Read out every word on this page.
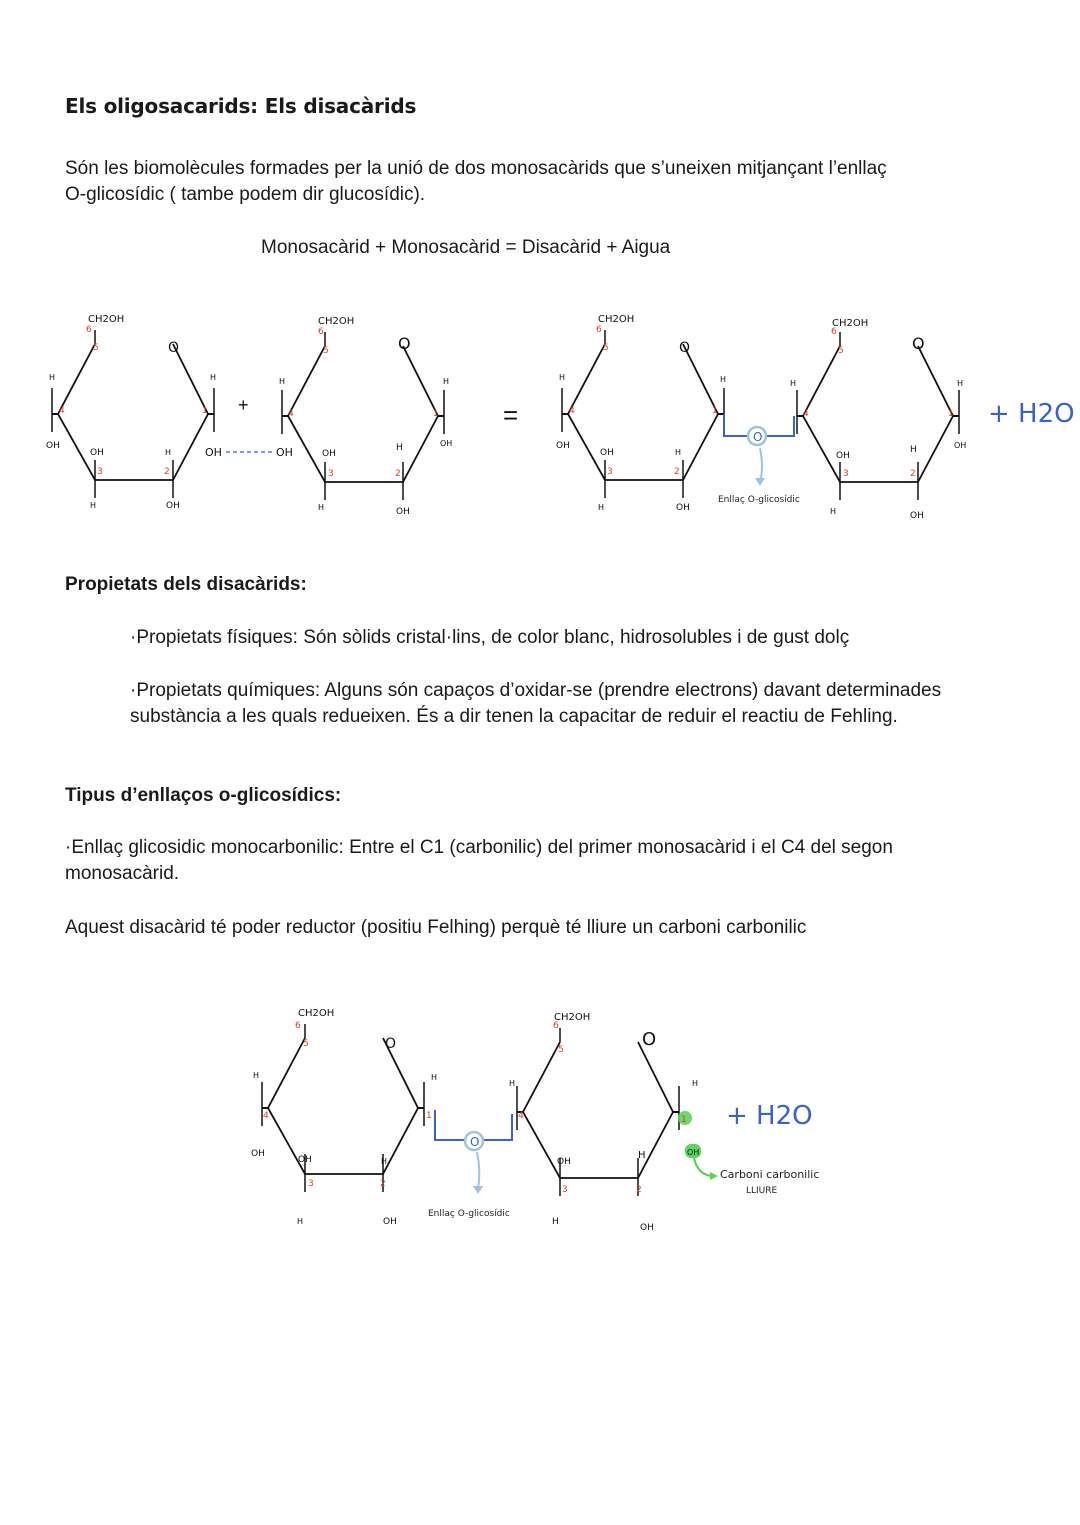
Els oligosacarids: Els disacàrids
Són les biomolècules formades per la unió de dos monosacàrids que s’uneixen mitjançant l’enllaç
O-glicosídic ( tambe podem dir glucosídic).
Monosacàrid + Monosacàrid = Disacàrid + Aigua
CH2OH
O
H	H
OH
OH	H	OH
H	OH
6
5
4
3	2
1 +
CH2OH
O
H	H
OH	OH
H	OH
H	OH
6
5
4
3	2
1 =
CH2OH
O
H	H
OH
OH	H
H	OH
6
5
4
3	2
1
O
Enllaç O-glicosídic
CH2OH
O
H	H
OH
H	OH
H	OH
6
5
4
3	2
1 + H2O
Propietats dels disacàrids:
·Propietats físiques: Són sòlids cristal·lins, de color blanc, hidrosolubles i de gust dolç
·Propietats químiques: Alguns són capaços d’oxidar-se (prendre electrons) davant determinades
substància a les quals redueixen. És a dir tenen la capacitar de reduir el reactiu de Fehling.
Tipus d’enllaços o-glicosídics:
·Enllaç glicosidic monocarbonilic: Entre el C1 (carbonilic) del primer monosacàrid i el C4 del segon
monosacàrid.
Aquest disacàrid té poder reductor (positiu Felhing) perquè té lliure un carboni carbonilic
CH2OH
O
H	H
OH
OH	H
H	OH
CH2OH
O
H	H
OH
H
H
OH
6
5
4
3	2
1
6
5
4
3	2
O
Enllaç O-glicosídic
1
OH
Carboni carbonilic
LLIURE
+ H2O
